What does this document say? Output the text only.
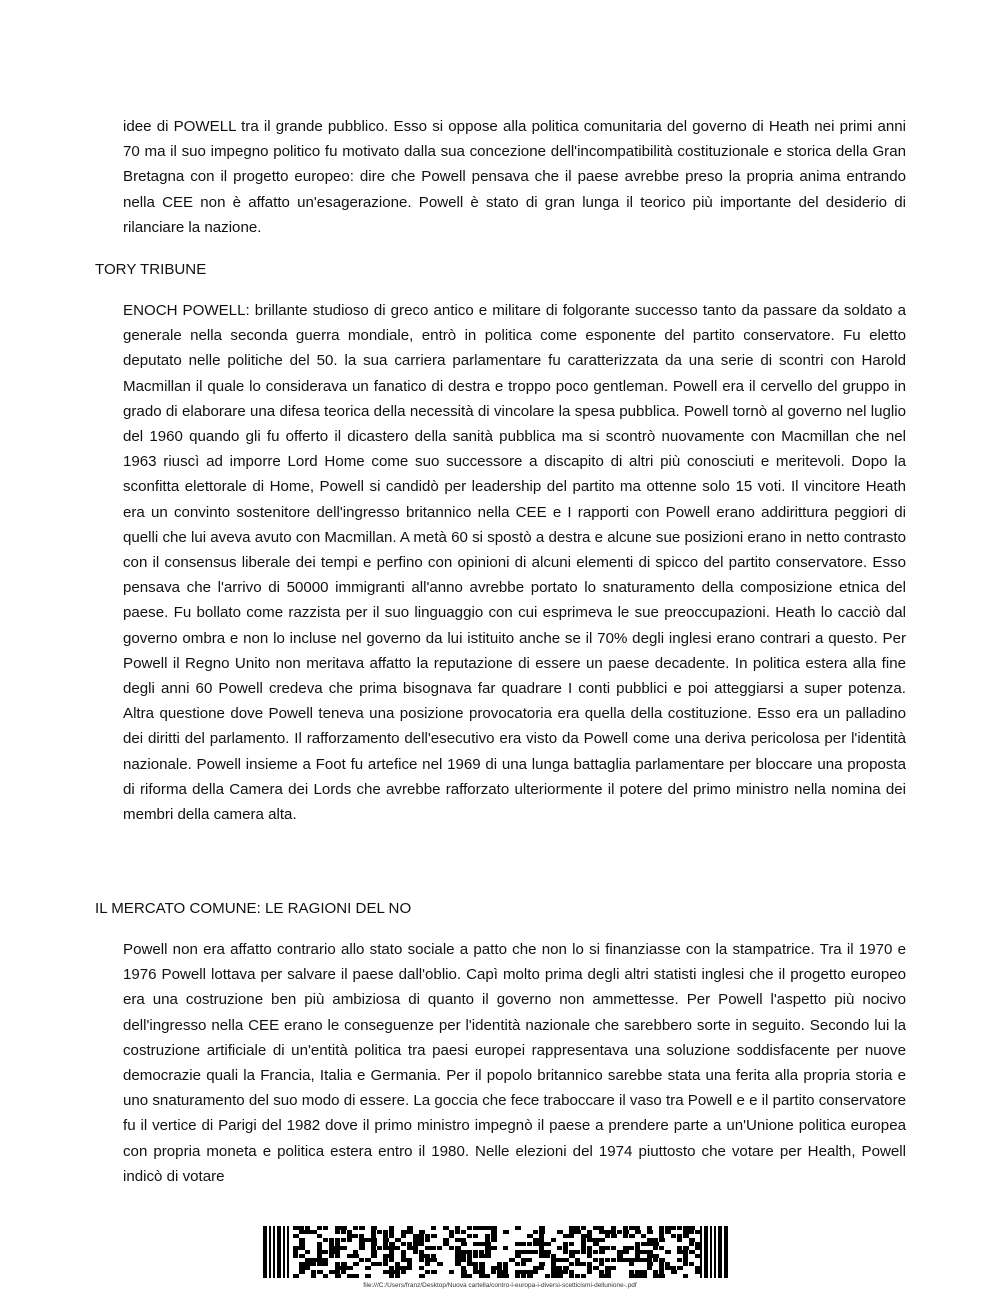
idee di POWELL tra il grande pubblico. Esso si oppose alla politica comunitaria del governo di Heath nei primi anni 70 ma il suo impegno politico fu motivato dalla sua concezione dell'incompatibilità costituzionale e storica della Gran Bretagna con il progetto europeo: dire che Powell pensava che il paese avrebbe preso la propria anima entrando nella CEE non è affatto un'esagerazione. Powell è stato di gran lunga il teorico più importante del desiderio di rilanciare la nazione.

TORY TRIBUNE

ENOCH POWELL: brillante studioso di greco antico e militare di folgorante successo tanto da passare da soldato a generale nella seconda guerra mondiale, entrò in politica come esponente del partito conservatore. Fu eletto deputato nelle politiche del 50. la sua carriera parlamentare fu caratterizzata da una serie di scontri con Harold Macmillan il quale lo considerava un fanatico di destra e troppo poco gentleman. Powell era il cervello del gruppo in grado di elaborare una difesa teorica della necessità di vincolare la spesa pubblica. Powell tornò al governo nel luglio del 1960 quando gli fu offerto il dicastero della sanità pubblica ma si scontrò nuovamente con Macmillan che nel 1963 riuscì ad imporre Lord Home come suo successore a discapito di altri più conosciuti e meritevoli. Dopo la sconfitta elettorale di Home, Powell si candidò per leadership del partito ma ottenne solo 15 voti. Il vincitore Heath era un convinto sostenitore dell'ingresso britannico nella CEE e I rapporti con Powell erano addirittura peggiori di quelli che lui aveva avuto con Macmillan. A metà 60 si spostò a destra e alcune sue posizioni erano in netto contrasto con il consensus liberale dei tempi e perfino con opinioni di alcuni elementi di spicco del partito conservatore. Esso pensava che l'arrivo di 50000 immigranti all'anno avrebbe portato lo snaturamento della composizione etnica del paese. Fu bollato come razzista per il suo linguaggio con cui esprimeva le sue preoccupazioni. Heath lo cacciò dal governo ombra e non lo incluse nel governo da lui istituito anche se il 70% degli inglesi erano contrari a questo. Per Powell il Regno Unito non meritava affatto la reputazione di essere un paese decadente. In politica estera alla fine degli anni 60 Powell credeva che prima bisognava far quadrare I conti pubblici e poi atteggiarsi a super potenza. Altra questione dove Powell teneva una posizione provocatoria era quella della costituzione. Esso era un palladino dei diritti del parlamento. Il rafforzamento dell'esecutivo era visto da Powell come una deriva pericolosa per l'identità nazionale. Powell insieme a Foot fu artefice nel 1969 di una lunga battaglia parlamentare per bloccare una proposta di riforma della Camera dei Lords che avrebbe rafforzato ulteriormente il potere del primo ministro nella nomina dei membri della camera alta.

IL MERCATO COMUNE: LE RAGIONI DEL NO

Powell non era affatto contrario allo stato sociale a patto che non lo si finanziasse con la stampatrice. Tra il 1970 e 1976 Powell lottava per salvare il paese dall'oblio. Capì molto prima degli altri statisti inglesi che il progetto europeo era una costruzione ben più ambiziosa di quanto il governo non ammettesse. Per Powell l'aspetto più nocivo dell'ingresso nella CEE erano le conseguenze per l'identità nazionale che sarebbero sorte in seguito. Secondo lui la costruzione artificiale di un'entità politica tra paesi europei rappresentava una soluzione soddisfacente per nuove democrazie quali la Francia, Italia e Germania. Per il popolo britannico sarebbe stata una ferita alla propria storia e uno snaturamento del suo modo di essere. La goccia che fece traboccare il vaso tra Powell e e il partito conservatore fu il vertice di Parigi del 1982 dove il primo ministro impegnò il paese a prendere parte a un'Unione politica europea con propria moneta e politica estera entro il 1980. Nelle elezioni del 1974 piuttosto che votare per Health, Powell indicò di votare

file:///C:/Users/franz/Desktop/Nuova cartella/contro-l-europa-i-diversi-scetticismi-dellunione-.pdf
